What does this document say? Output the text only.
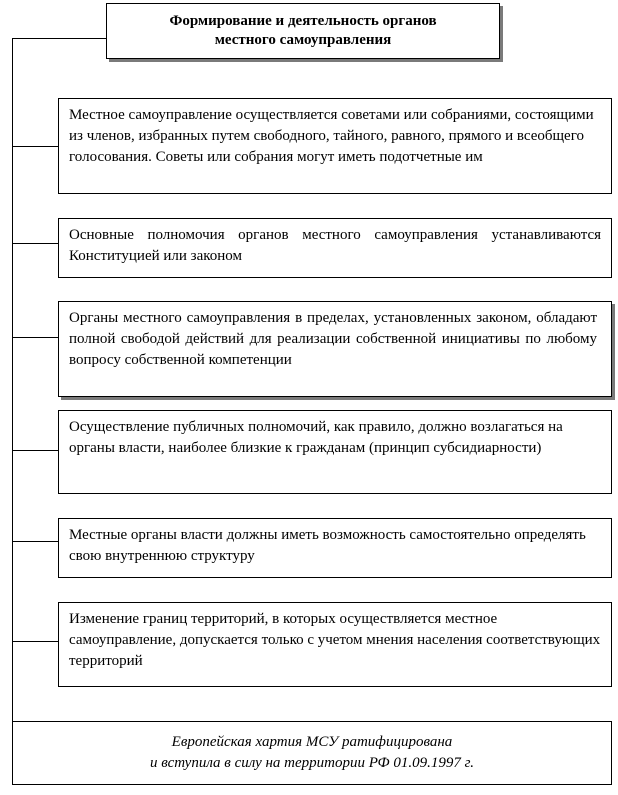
Формирование и деятельность органов
местного самоуправления
Местное самоуправление осуществляется советами или собраниями, состоящими из членов, избранных путем свободного, тайного, равного, прямого и всеобщего голосования. Советы или собрания могут иметь подотчетные им
Основные полномочия органов местного самоуправления устанавливаются Конституцией или законом
Органы местного самоуправления в пределах, установленных законом, обладают полной свободой действий для реализации собственной инициативы по любому вопросу собственной компетенции
Осуществление публичных полномочий, как правило, должно возлагаться на органы власти, наиболее близкие к гражданам (принцип субсидиарности)
Местные органы власти должны иметь возможность самостоятельно определять свою внутреннюю структуру
Изменение границ территорий, в которых осуществляется местное самоуправление, допускается только с учетом мнения населения соответствующих территорий
Европейская хартия МСУ ратифицирована
и вступила в силу на территории РФ 01.09.1997 г.
